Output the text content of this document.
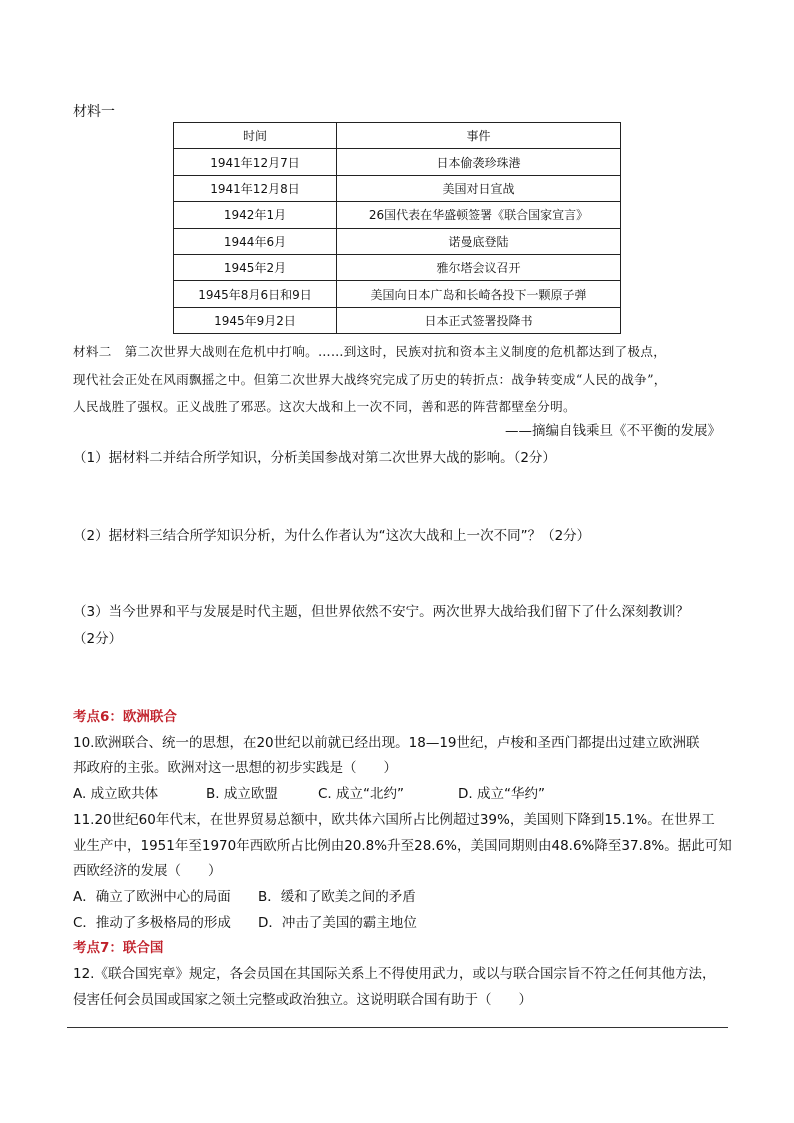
材料一
时间	事件
1941年12月7日	日本偷袭珍珠港
1941年12月8日	美国对日宣战
1942年1月	26国代表在华盛顿签署《联合国家宣言》
1944年6月	诺曼底登陆
1945年2月	雅尔塔会议召开
1945年8月6日和9日	美国向日本广岛和长崎各投下一颗原子弹
1945年9月2日	日本正式签署投降书
材料二　第二次世界大战则在危机中打响。……到这时，民族对抗和资本主义制度的危机都达到了极点，
现代社会正处在风雨飘摇之中。但第二次世界大战终究完成了历史的转折点：战争转变成“人民的战争”，
人民战胜了强权。正义战胜了邪恶。这次大战和上一次不同，善和恶的阵营都壁垒分明。
——摘编自钱乘旦《不平衡的发展》
（1）据材料二并结合所学知识，分析美国参战对第二次世界大战的影响。（2分）
（2）据材料三结合所学知识分析，为什么作者认为“这次大战和上一次不同”？（2分）
（3）当今世界和平与发展是时代主题，但世界依然不安宁。两次世界大战给我们留下了什么深刻教训？
（2分）
考点6：欧洲联合
10.欧洲联合、统一的思想，在20世纪以前就已经出现。18—19世纪，卢梭和圣西门都提出过建立欧洲联
邦政府的主张。欧洲对这一思想的初步实践是（　　）
A. 成立欧共体	B. 成立欧盟	C. 成立“北约”	D. 成立“华约”
11.20世纪60年代末，在世界贸易总额中，欧共体六国所占比例超过39%，美国则下降到15.1%。在世界工
业生产中，1951年至1970年西欧所占比例由20.8%升至28.6%，美国同期则由48.6%降至37.8%。据此可知
西欧经济的发展（　　）
A．确立了欧洲中心的局面 B．缓和了欧美之间的矛盾
C．推动了多极格局的形成 D．冲击了美国的霸主地位
考点7：联合国
12.《联合国宪章》规定，各会员国在其国际关系上不得使用武力，或以与联合国宗旨不符之任何其他方法，
侵害任何会员国或国家之领土完整或政治独立。这说明联合国有助于（　　）
